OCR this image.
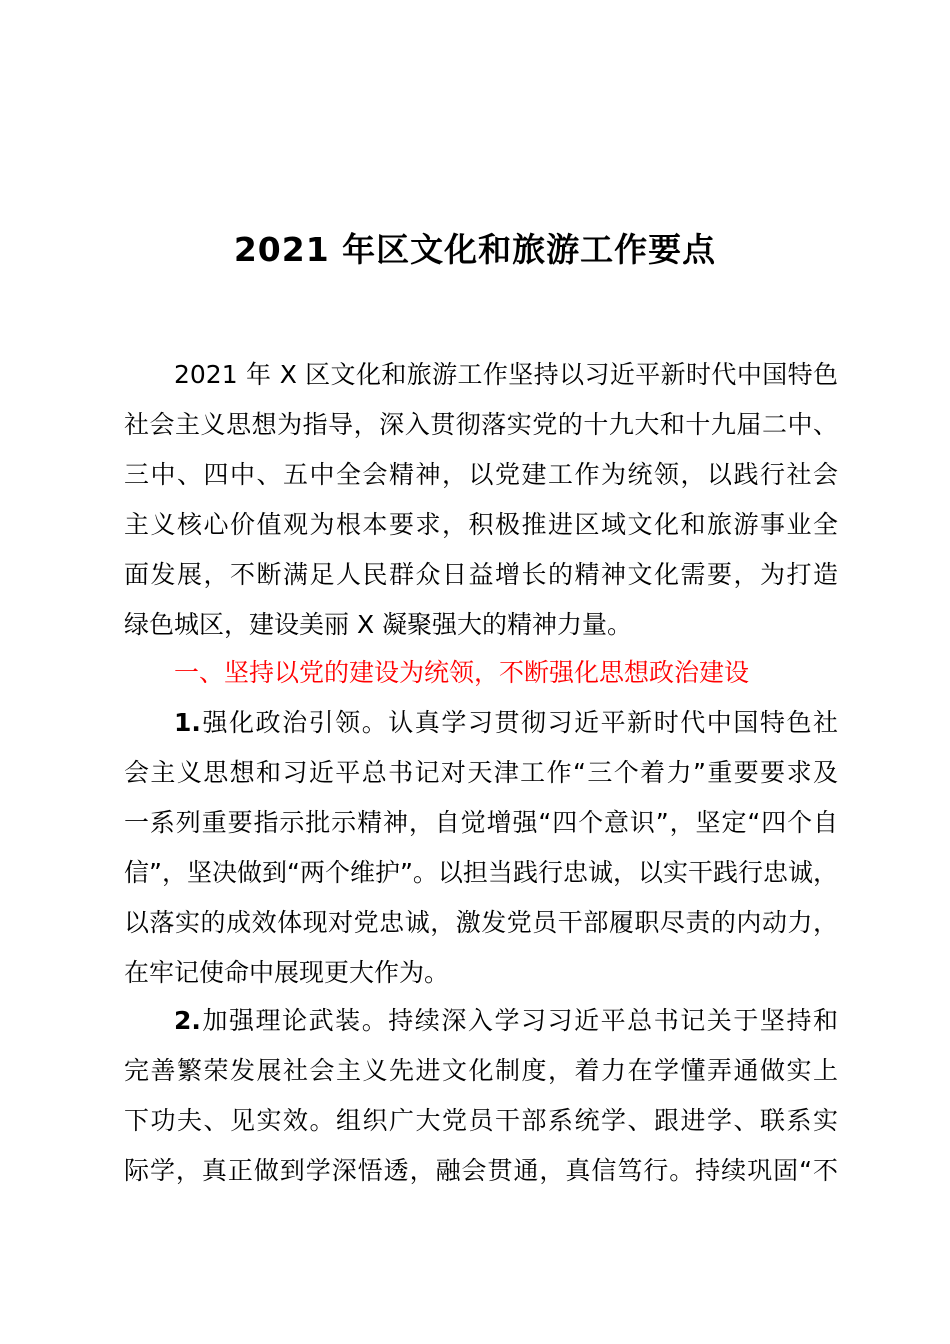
2021 年区文化和旅游工作要点
2021 年 X 区文化和旅游工作坚持以习近平新时代中国特色
社会主义思想为指导，深入贯彻落实党的十九大和十九届二中、
三中、四中、五中全会精神，以党建工作为统领，以践行社会
主义核心价值观为根本要求，积极推进区域文化和旅游事业全
面发展，不断满足人民群众日益增长的精神文化需要，为打造
绿色城区，建设美丽 X 凝聚强大的精神力量。
一、坚持以党的建设为统领，不断强化思想政治建设
1.强化政治引领。认真学习贯彻习近平新时代中国特色社
会主义思想和习近平总书记对天津工作“三个着力”重要要求及
一系列重要指示批示精神，自觉增强“四个意识”，坚定“四个自
信”，坚决做到“两个维护”。以担当践行忠诚，以实干践行忠诚，
以落实的成效体现对党忠诚，激发党员干部履职尽责的内动力，
在牢记使命中展现更大作为。
2.加强理论武装。持续深入学习习近平总书记关于坚持和
完善繁荣发展社会主义先进文化制度，着力在学懂弄通做实上
下功夫、见实效。组织广大党员干部系统学、跟进学、联系实
际学，真正做到学深悟透，融会贯通，真信笃行。持续巩固“不
